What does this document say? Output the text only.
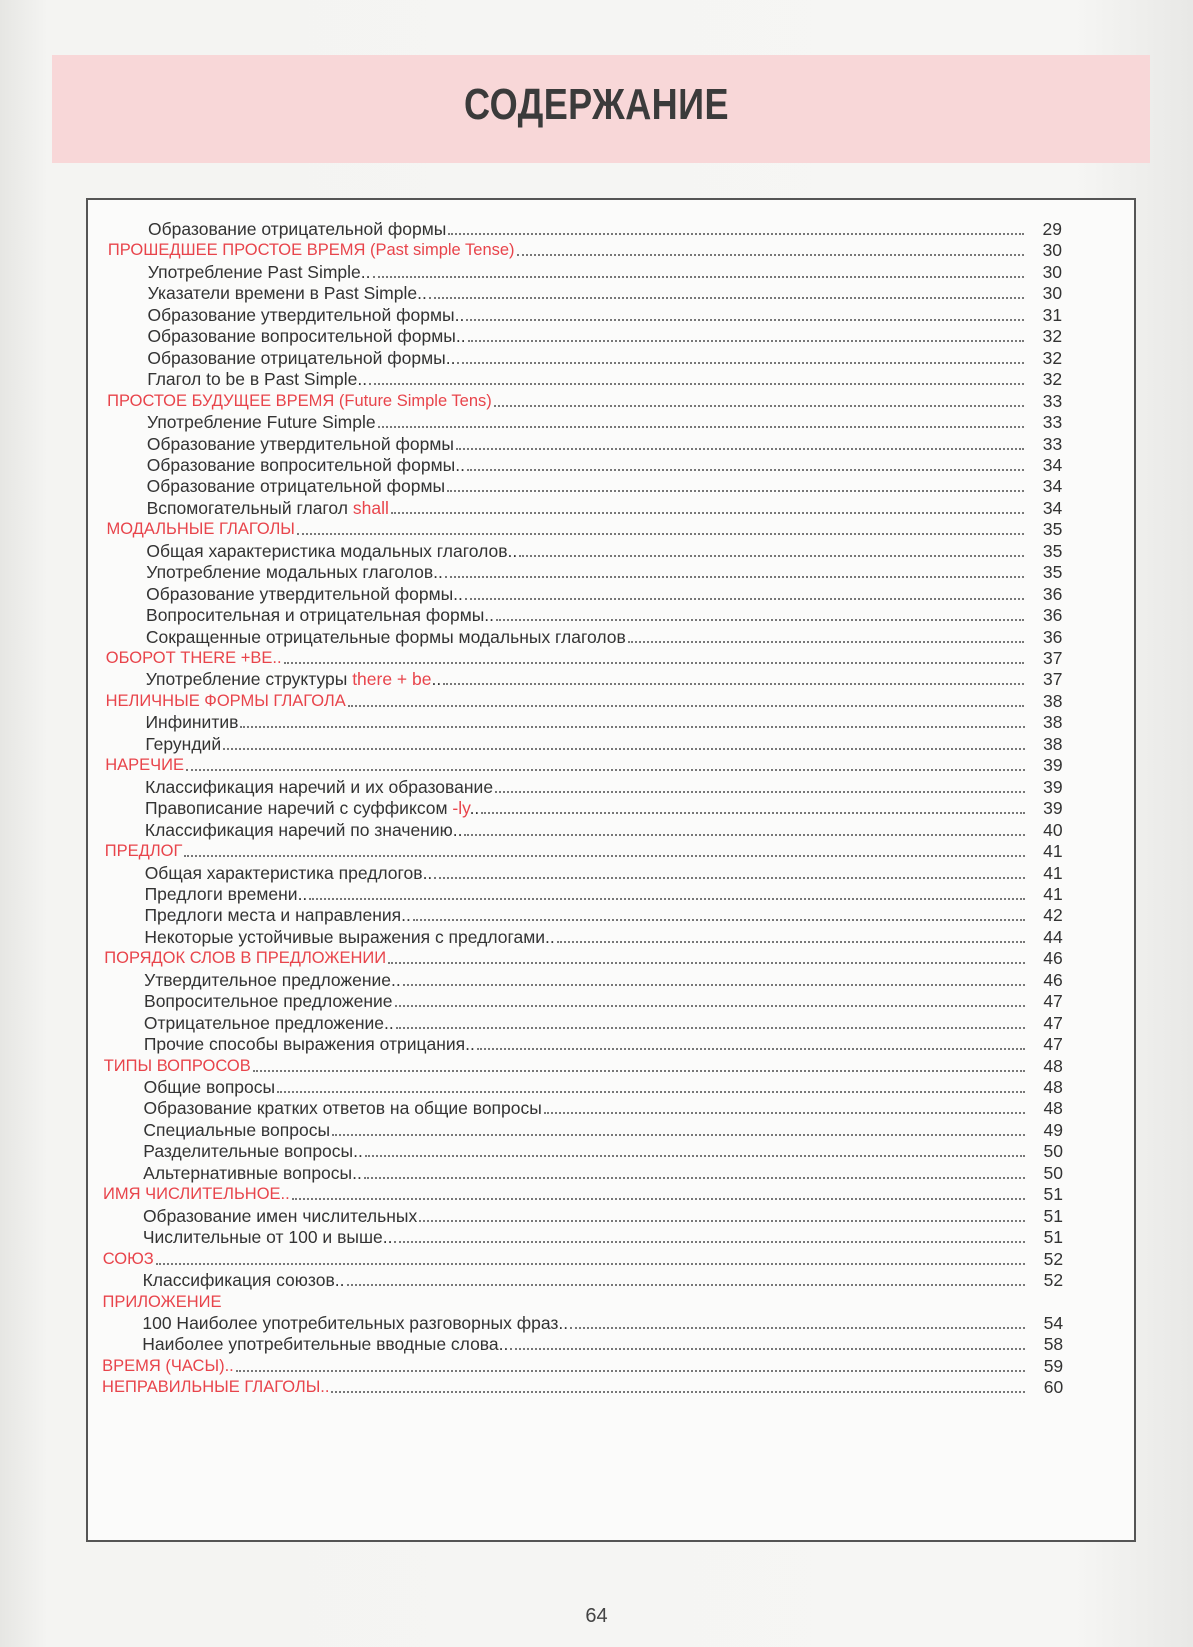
СОДЕРЖАНИЕ
Образование отрицательной формы	29
ПРОШЕДШЕЕ ПРОСТОЕ ВРЕМЯ (Past simple Tense)	30
Употребление Past Simple..	30
Указатели времени в Past Simple..	30
Образование утвердительной формы..	31
Образование вопросительной формы..	32
Образование отрицательной формы..	32
Глагол to be в Past Simple..	32
ПРОСТОЕ БУДУЩЕЕ ВРЕМЯ (Future Simple Tens)	33
Употребление Future Simple	33
Образование утвердительной формы	33
Образование вопросительной формы..	34
Образование отрицательной формы	34
Вспомогательный глагол shall	34
МОДАЛЬНЫЕ ГЛАГОЛЫ	35
Общая характеристика модальных глаголов..	35
Употребление модальных глаголов..	35
Образование утвердительной формы..	36
Вопросительная и отрицательная формы..	36
Сокращенные отрицательные формы модальных глаголов	36
ОБОРОТ THERE +BE..	37
Употребление структуры there + be..	37
НЕЛИЧНЫЕ ФОРМЫ ГЛАГОЛА	38
Инфинитив	38
Герундий	38
НАРЕЧИЕ	39
Классификация наречий и их образование	39
Правописание наречий с суффиксом -ly..	39
Классификация наречий по значению..	40
ПРЕДЛОГ	41
Общая характеристика предлогов..	41
Предлоги времени..	41
Предлоги места и направления..	42
Некоторые устойчивые выражения с предлогами..	44
ПОРЯДОК СЛОВ В ПРЕДЛОЖЕНИИ	46
Утвердительное предложение..	46
Вопросительное предложение	47
Отрицательное предложение..	47
Прочие способы выражения отрицания..	47
ТИПЫ ВОПРОСОВ	48
Общие вопросы	48
Образование кратких ответов на общие вопросы	48
Специальные вопросы	49
Разделительные вопросы..	50
Альтернативные вопросы..	50
ИМЯ ЧИСЛИТЕЛЬНОЕ..	51
Образование имен числительных	51
Числительные от 100 и выше..	51
СОЮЗ	52
Классификация союзов..	52
ПРИЛОЖЕНИЕ
100 Наиболее употребительных разговорных фраз..	54
Наиболее употребительные вводные слова..	58
ВРЕМЯ (ЧАСЫ)..	59
НЕПРАВИЛЬНЫЕ ГЛАГОЛЫ..	60
64
